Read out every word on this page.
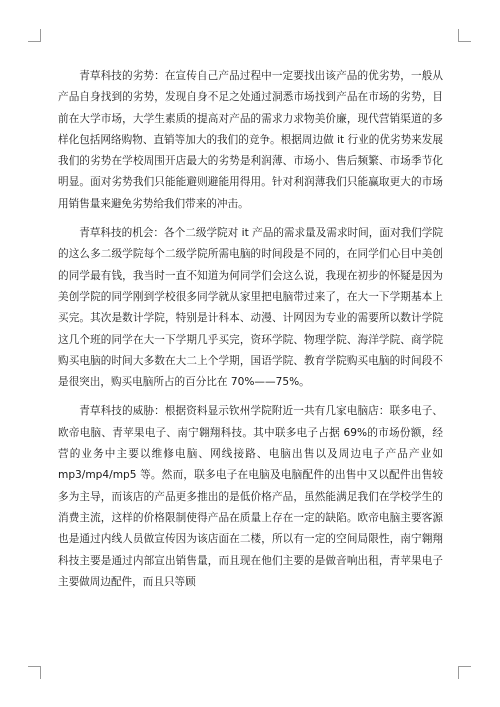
青草科技的劣势：在宣传自己产品过程中一定要找出该产品的优劣势，一般从产品自身找到的劣势，发现自身不足之处通过洞悉市场找到产品在市场的劣势，目前在大学市场，大学生素质的提高对产品的需求力求物美价廉，现代营销渠道的多样化包括网络购物、直销等加大的我们的竞争。根据周边做 it 行业的优劣势来发展我们的劣势在学校周围开店最大的劣势是利润薄、市场小、售后频繁、市场季节化明显。面对劣势我们只能能避则避能用得用。针对利润薄我们只能赢取更大的市场用销售量来避免劣势给我们带来的冲击。

青草科技的机会：各个二级学院对 it 产品的需求量及需求时间，面对我们学院的这么多二级学院每个二级学院所需电脑的时间段是不同的，在同学们心目中美创的同学最有钱，我当时一直不知道为何同学们会这么说，我现在初步的怀疑是因为美创学院的同学刚到学校很多同学就从家里把电脑带过来了，在大一下学期基本上买完。其次是数计学院，特别是计科本、动漫、计网因为专业的需要所以数计学院这几个班的同学在大一下学期几乎买完，资环学院、物理学院、海洋学院、商学院购买电脑的时间大多数在大二上个学期，国语学院、教育学院购买电脑的时间段不是很突出，购买电脑所占的百分比在 70%——75%。

青草科技的威胁：根据资料显示钦州学院附近一共有几家电脑店：联多电子、欧帝电脑、青苹果电子、南宁翱翔科技。其中联多电子占据 69%的市场份额，经营的业务中主要以维修电脑、网线接路、电脑出售以及周边电子产品产业如 mp3/mp4/mp5 等。然而，联多电子在电脑及电脑配件的出售中又以配件出售较多为主导，而该店的产品更多推出的是低价格产品，虽然能满足我们在学校学生的消费主流，这样的价格限制使得产品在质量上存在一定的缺陷。欧帝电脑主要客源也是通过内线人员做宣传因为该店面在二楼，所以有一定的空间局限性，南宁翱翔科技主要是通过内部宣出销售量，而且现在他们主要的是做音响出租，青苹果电子主要做周边配件，而且只等顾
